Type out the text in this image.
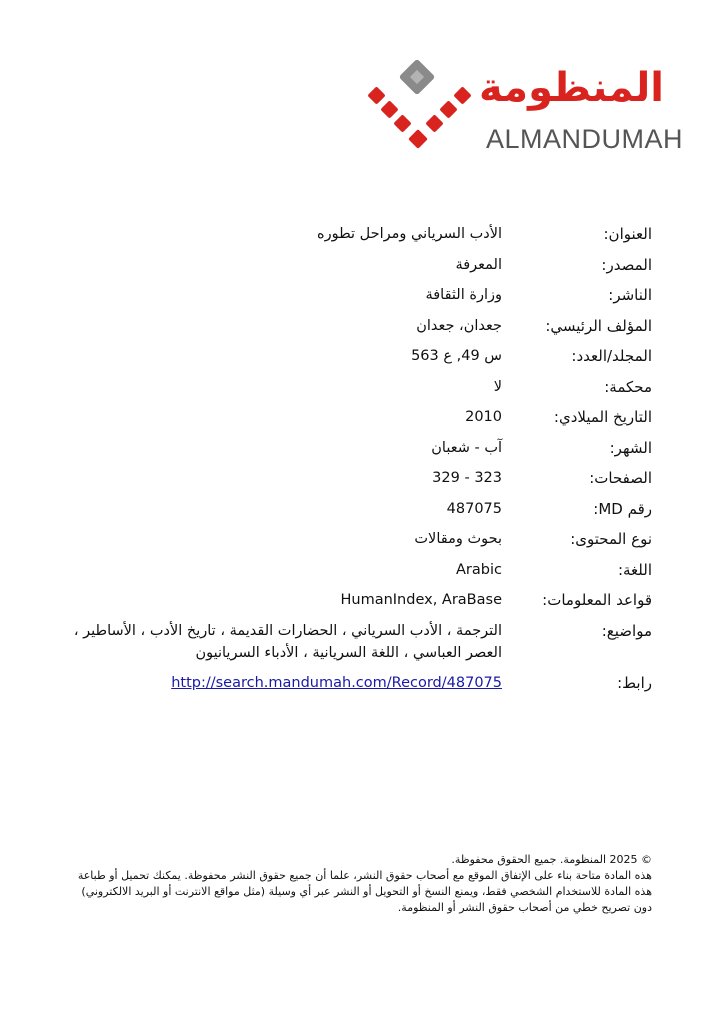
المنظومة
ALMANDUMAH
العنوان:
الأدب السرياني ومراحل تطوره
المصدر:
المعرفة
الناشر:
وزارة الثقافة
المؤلف الرئيسي:
جعدان، جعدان
المجلد/العدد:
س 49, ع 563
محكمة:
لا
التاريخ الميلادي:
2010
الشهر:
آب - شعبان
الصفحات:
323 - 329
رقم MD:
487075
نوع المحتوى:
بحوث ومقالات
اللغة:
Arabic
قواعد المعلومات:
HumanIndex, AraBase
مواضيع:
الترجمة ، الأدب السرياني ، الحضارات القديمة ، تاريخ الأدب ، الأساطير ، العصر العباسي ، اللغة السريانية ، الأدباء السريانيون
رابط:
http://search.mandumah.com/Record/487075

© 2025 المنظومة. جميع الحقوق محفوظة.

هذه المادة متاحة بناء على الإتفاق الموقع مع أصحاب حقوق النشر، علما أن جميع حقوق النشر محفوظة. يمكنك تحميل أو طباعة هذه المادة للاستخدام الشخصي فقط، ويمنع النسخ أو التحويل أو النشر عبر أي وسيلة (مثل مواقع الانترنت أو البريد الالكتروني) دون تصريح خطي من أصحاب حقوق النشر أو المنظومة.
